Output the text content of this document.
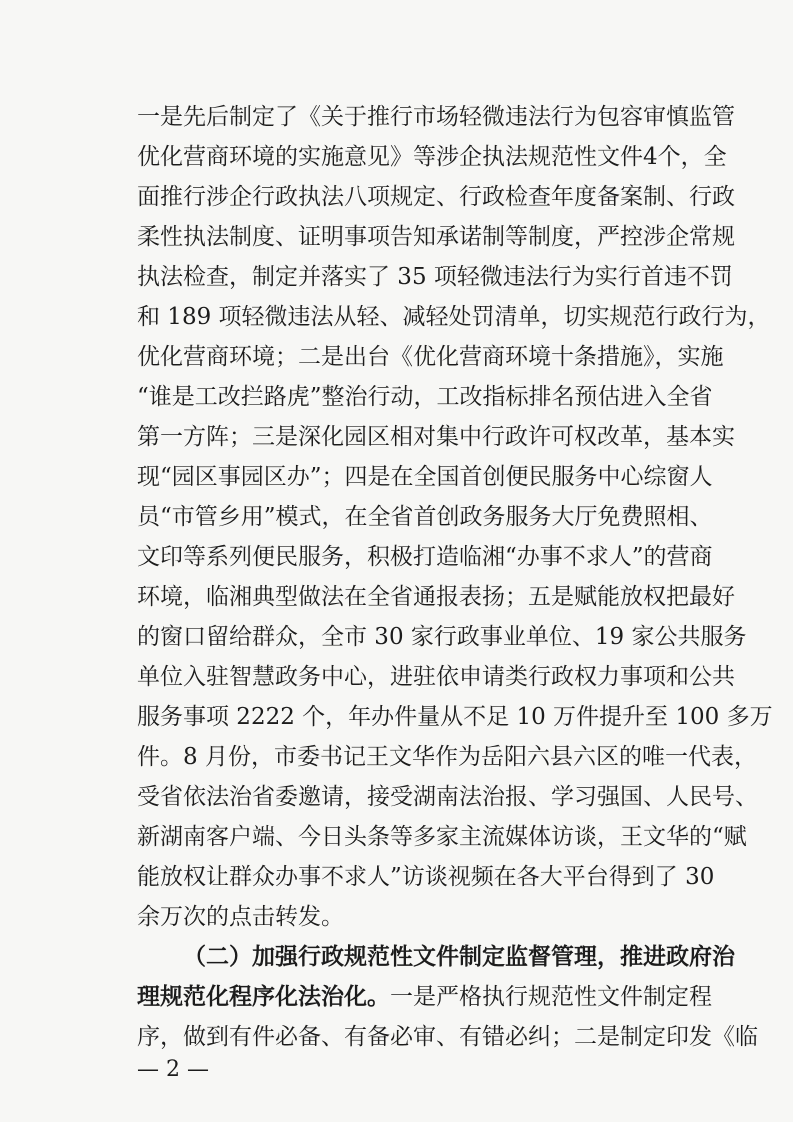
一是先后制定了《关于推行市场轻微违法行为包容审慎监管
优化营商环境的实施意见》等涉企执法规范性文件4个，全
面推行涉企行政执法八项规定、行政检查年度备案制、行政
柔性执法制度、证明事项告知承诺制等制度，严控涉企常规
执法检查，制定并落实了 35 项轻微违法行为实行首违不罚
和 189 项轻微违法从轻、减轻处罚清单，切实规范行政行为，
优化营商环境；二是出台《优化营商环境十条措施》，实施
“谁是工改拦路虎”整治行动，工改指标排名预估进入全省
第一方阵；三是深化园区相对集中行政许可权改革，基本实
现“园区事园区办”；四是在全国首创便民服务中心综窗人
员“市管乡用”模式，在全省首创政务服务大厅免费照相、
文印等系列便民服务，积极打造临湘“办事不求人”的营商
环境，临湘典型做法在全省通报表扬；五是赋能放权把最好
的窗口留给群众，全市 30 家行政事业单位、19 家公共服务
单位入驻智慧政务中心，进驻依申请类行政权力事项和公共
服务事项 2222 个，年办件量从不足 10 万件提升至 100 多万
件。8 月份，市委书记王文华作为岳阳六县六区的唯一代表，
受省依法治省委邀请，接受湖南法治报、学习强国、人民号、
新湖南客户端、今日头条等多家主流媒体访谈，王文华的“赋
能放权让群众办事不求人”访谈视频在各大平台得到了 30
余万次的点击转发。
（二）加强行政规范性文件制定监督管理，推进政府治
理规范化程序化法治化。一是严格执行规范性文件制定程
序，做到有件必备、有备必审、有错必纠；二是制定印发《临
— 2 —
